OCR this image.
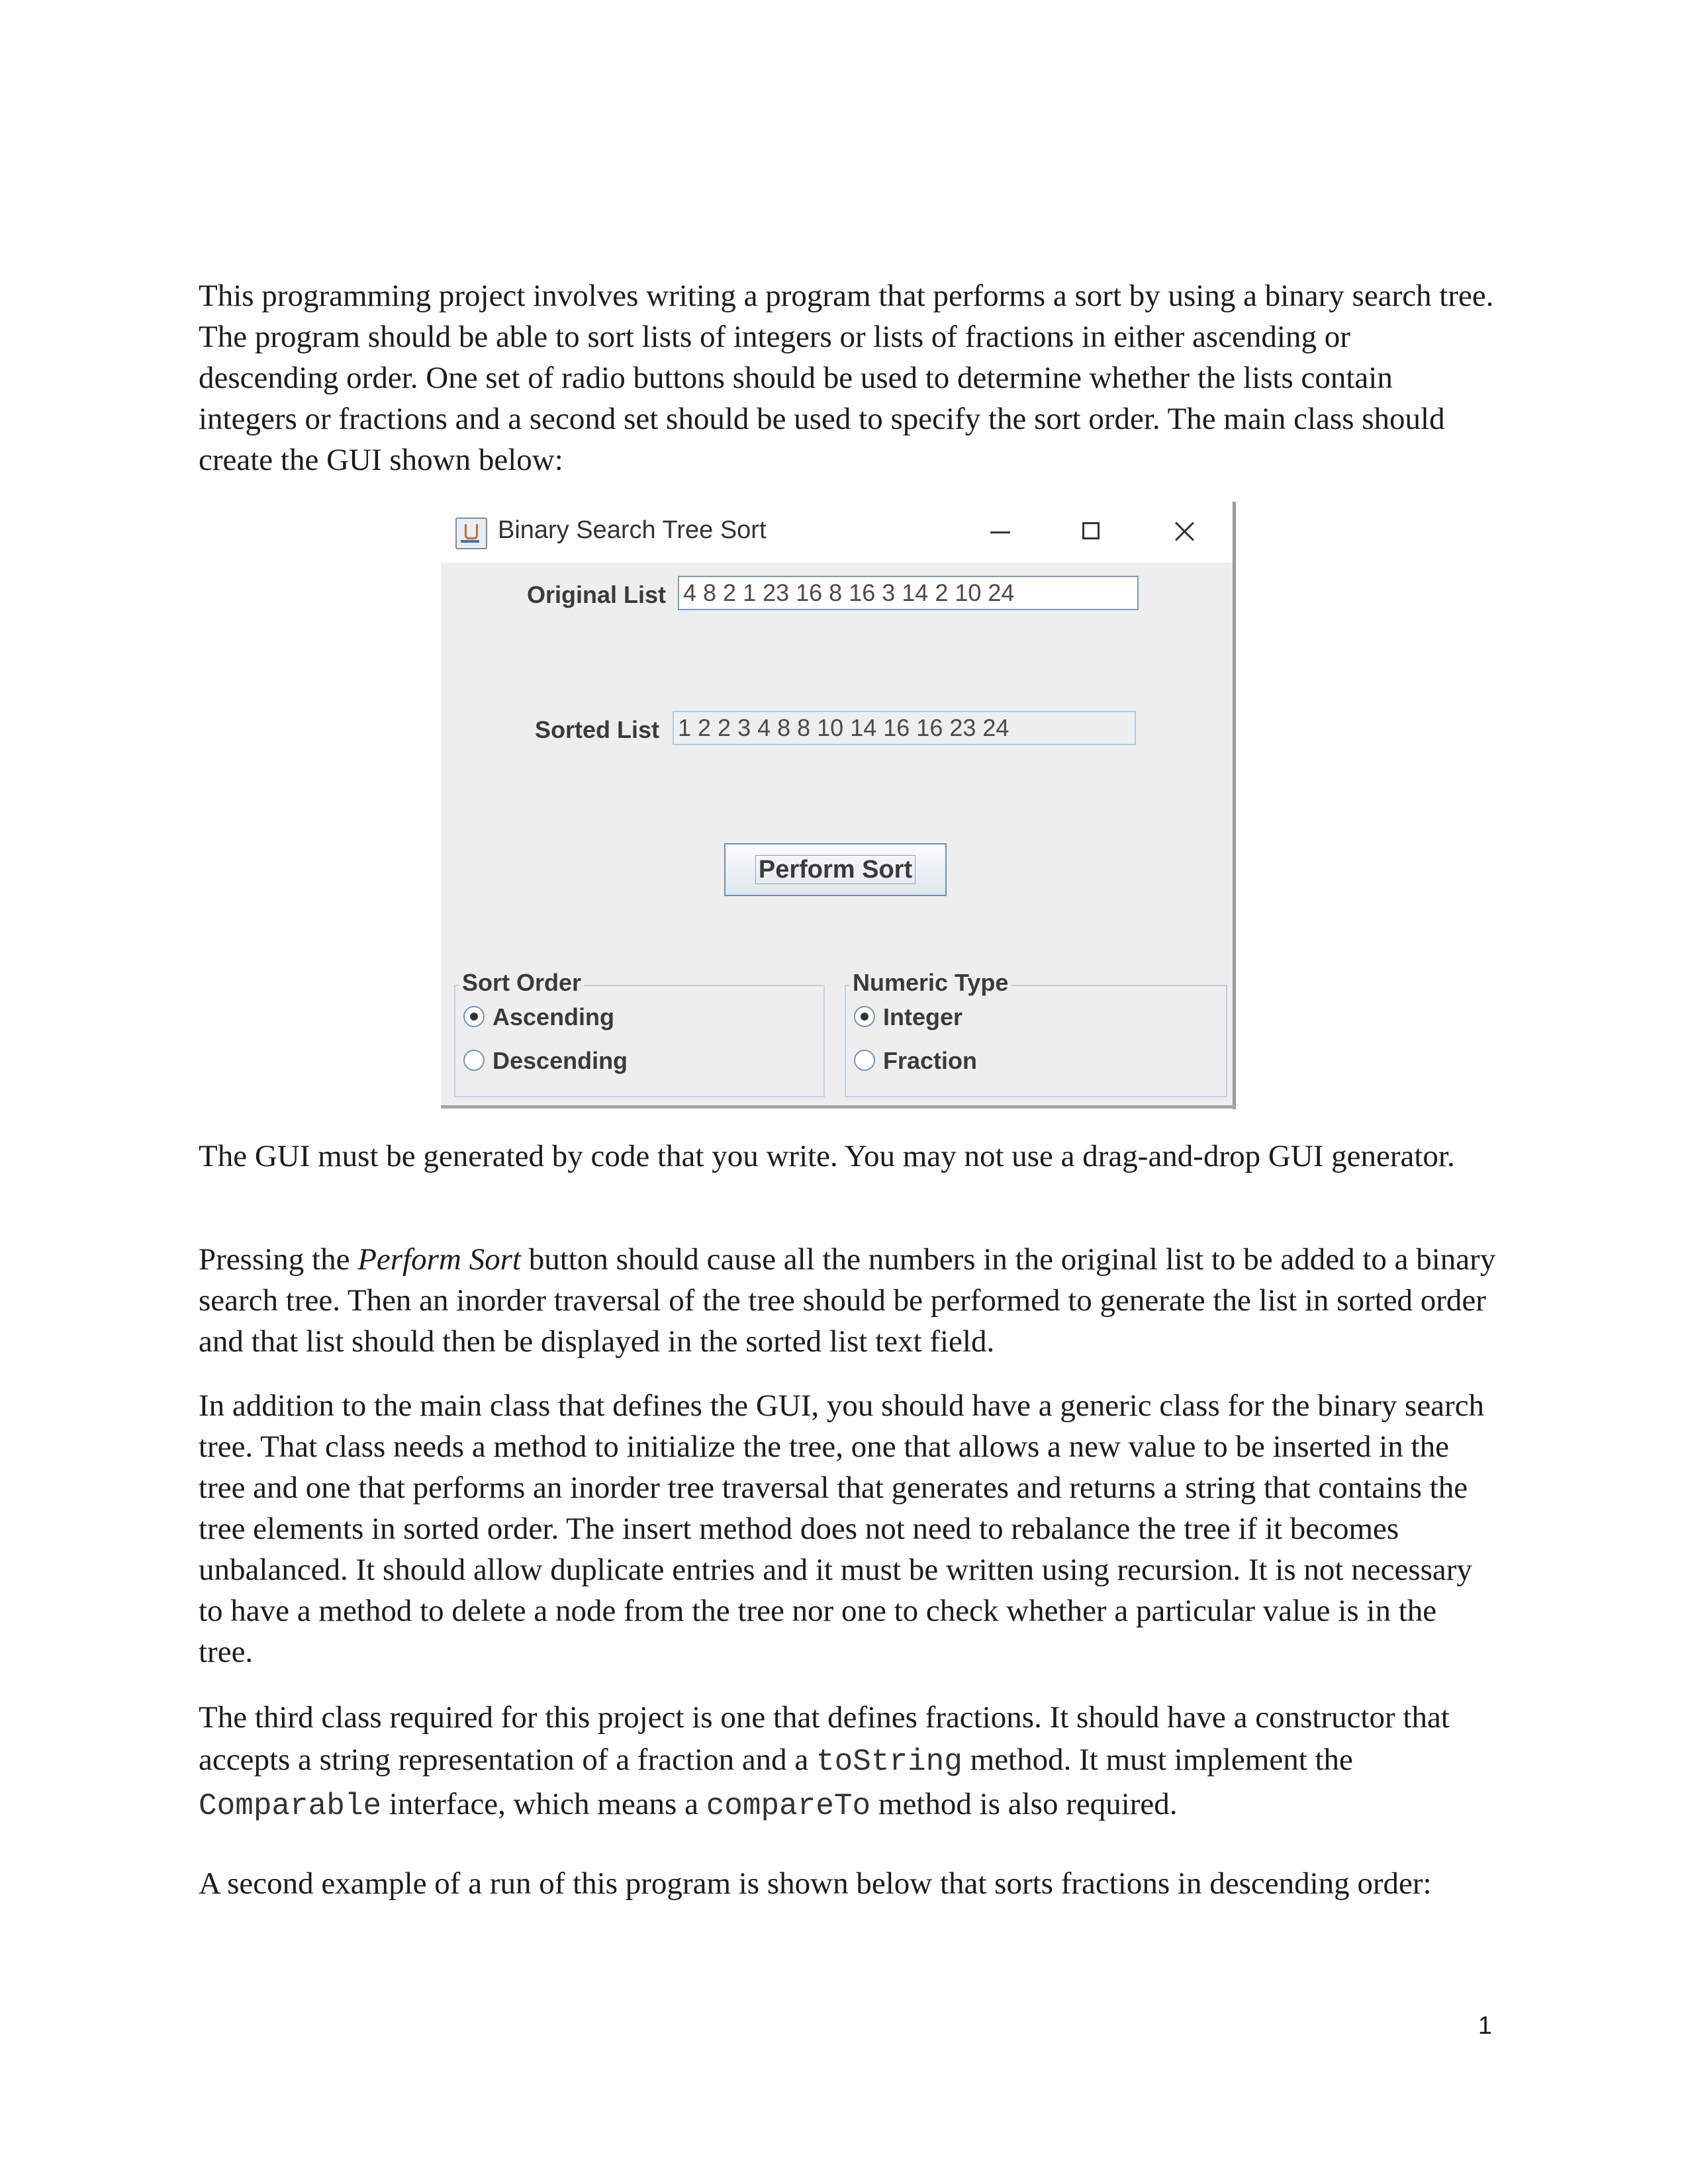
This programming project involves writing a program that performs a sort by using a binary search tree. The program should be able to sort lists of integers or lists of fractions in either ascending or descending order. One set of radio buttons should be used to determine whether the lists contain integers or fractions and a second set should be used to specify the sort order. The main class should create the GUI shown below:

Binary Search Tree Sort
Original List 4 8 2 1 23 16 8 16 3 14 2 10 24
Sorted List 1 2 2 3 4 8 8 10 14 16 16 23 24
Perform Sort
Sort Order
Ascending
Descending
Numeric Type
Integer
Fraction

The GUI must be generated by code that you write. You may not use a drag-and-drop GUI generator.

Pressing the Perform Sort button should cause all the numbers in the original list to be added to a binary search tree. Then an inorder traversal of the tree should be performed to generate the list in sorted order and that list should then be displayed in the sorted list text field.

In addition to the main class that defines the GUI, you should have a generic class for the binary search tree. That class needs a method to initialize the tree, one that allows a new value to be inserted in the tree and one that performs an inorder tree traversal that generates and returns a string that contains the tree elements in sorted order. The insert method does not need to rebalance the tree if it becomes unbalanced. It should allow duplicate entries and it must be written using recursion. It is not necessary to have a method to delete a node from the tree nor one to check whether a particular value is in the tree.

The third class required for this project is one that defines fractions. It should have a constructor that accepts a string representation of a fraction and a toString method. It must implement the Comparable interface, which means a compareTo method is also required.

A second example of a run of this program is shown below that sorts fractions in descending order:

1
